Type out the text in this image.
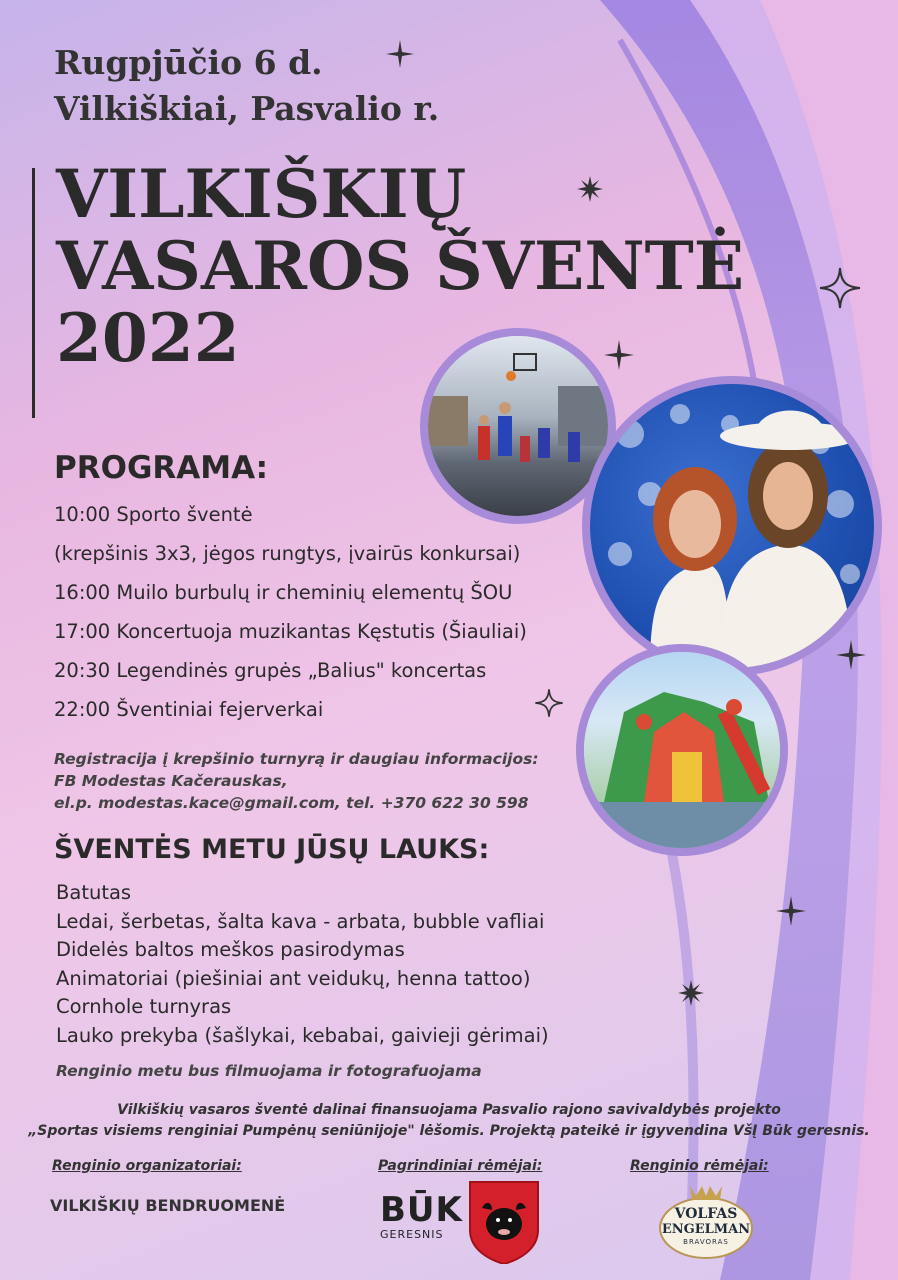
Rugpjūčio 6 d.
Vilkiškiai, Pasvalio r.
VILKIŠKIŲ
VASAROS ŠVENTĖ
2022
PROGRAMA:
10:00 Sporto šventė
(krepšinis 3x3, jėgos rungtys, įvairūs konkursai)
16:00 Muilo burbulų ir cheminių elementų ŠOU
17:00 Koncertuoja muzikantas Kęstutis (Šiauliai)
20:30 Legendinės grupės „Balius" koncertas
22:00 Šventiniai fejerverkai
Registracija į krepšinio turnyrą ir daugiau informacijos:
FB Modestas Kačerauskas,
el.p. modestas.kace@gmail.com, tel. +370 622 30 598
ŠVENTĖS METU JŪSŲ LAUKS:
Batutas
Ledai, šerbetas, šalta kava - arbata, bubble vafliai
Didelės baltos meškos pasirodymas
Animatoriai (piešiniai ant veidukų, henna tattoo)
Cornhole turnyras
Lauko prekyba (šašlykai, kebabai, gaivieji gėrimai)
Renginio metu bus filmuojama ir fotografuojama
Vilkiškių vasaros šventė dalinai finansuojama Pasvalio rajono savivaldybės projekto
„Sportas visiems renginiai Pumpėnų seniūnijoje" lėšomis. Projektą pateikė ir įgyvendina VšĮ Būk geresnis.
Renginio organizatoriai:	Pagrindiniai rėmėjai:	Renginio rėmėjai:
VILKIŠKIŲ BENDRUOMENĖ	BŪK
GERESNIS
VOLFAS
ENGELMAN
BRAVORAS
